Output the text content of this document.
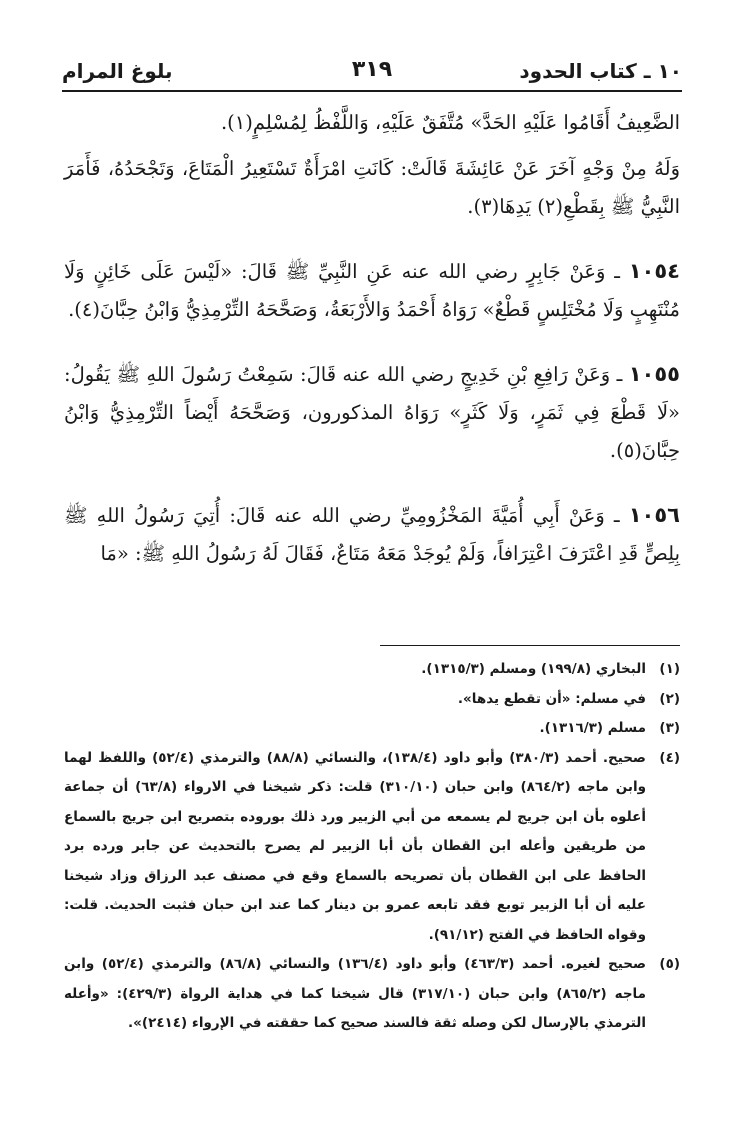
بلوغ المرام	٣١٩	١٠ ـ كتاب الحدود

الضَّعِيفُ أَقَامُوا عَلَيْهِ الحَدَّ» مُتَّفَقٌ عَلَيْهِ، وَاللَّفْظُ لِمُسْلِمٍ(١).

وَلَهُ مِنْ وَجْهٍ آخَرَ عَنْ عَائِشَةَ قَالَتْ: كَانَتِ امْرَأَةٌ تَسْتَعِيرُ الْمَتَاعَ، وَتَجْحَدُهُ، فَأَمَرَ النَّبِيُّ ﷺ بِقَطْعِ(٢) يَدِهَا(٣).

١٠٥٤ ـ وَعَنْ جَابِرٍ رضي الله عنه عَنِ النَّبِيِّ ﷺ قَالَ: «لَيْسَ عَلَى خَائِنٍ وَلَا مُنْتَهِبٍ وَلَا مُخْتَلِسٍ قَطْعٌ» رَوَاهُ أَحْمَدُ وَالأَرْبَعَةُ، وَصَحَّحَهُ التِّرْمِذِيُّ وَابْنُ حِبَّانَ(٤).

١٠٥٥ ـ وَعَنْ رَافِعِ بْنِ خَدِيجٍ رضي الله عنه قَالَ: سَمِعْتُ رَسُولَ اللهِ ﷺ يَقُولُ: «لَا قَطْعَ فِي ثَمَرٍ، وَلَا كَثَرٍ» رَوَاهُ المذكورون، وَصَحَّحَهُ أَيْضاً التِّرْمِذِيُّ وَابْنُ حِبَّانَ(٥).

١٠٥٦ ـ وَعَنْ أَبِي أُمَيَّةَ المَخْزُومِيِّ رضي الله عنه قَالَ: أُتِيَ رَسُولُ اللهِ ﷺ بِلِصٍّ قَدِ اعْتَرَفَ اعْتِرَافاً، وَلَمْ يُوجَدْ مَعَهُ مَتَاعٌ، فَقَالَ لَهُ رَسُولُ اللهِ ﷺ: «مَا

(١)
البخاري (١٩٩/٨) ومسلم (١٣١٥/٣).
(٢)
في مسلم: «أن تقطع يدها».
(٣)
مسلم (١٣١٦/٣).
(٤)
صحيح. أحمد (٣٨٠/٣) وأبو داود (١٣٨/٤)، والنسائي (٨٨/٨) والترمذي (٥٢/٤) واللفظ لهما وابن ماجه (٨٦٤/٢) وابن حبان (٣١٠/١٠) قلت: ذكر شيخنا في الارواء (٦٣/٨) أن جماعة أعلوه بأن ابن جريج لم يسمعه من أبي الزبير ورد ذلك بوروده بتصريح ابن جريج بالسماع من طريقين وأعله ابن القطان بأن أبا الزبير لم يصرح بالتحديث عن جابر ورده برد الحافظ على ابن القطان بأن تصريحه بالسماع وقع في مصنف عبد الرزاق وزاد شيخنا عليه أن أبا الزبير توبع فقد تابعه عمرو بن دينار كما عند ابن حبان فثبت الحديث. قلت: وقواه الحافظ في الفتح (٩١/١٢).
(٥)
صحيح لغيره. أحمد (٤٦٣/٣) وأبو داود (١٣٦/٤) والنسائي (٨٦/٨) والترمذي (٥٢/٤) وابن ماجه (٨٦٥/٢) وابن حبان (٣١٧/١٠) قال شيخنا كما في هداية الرواة (٤٢٩/٣): «وأعله الترمذي بالإرسال لكن وصله ثقة فالسند صحيح كما حققته في الإرواء (٢٤١٤)».
